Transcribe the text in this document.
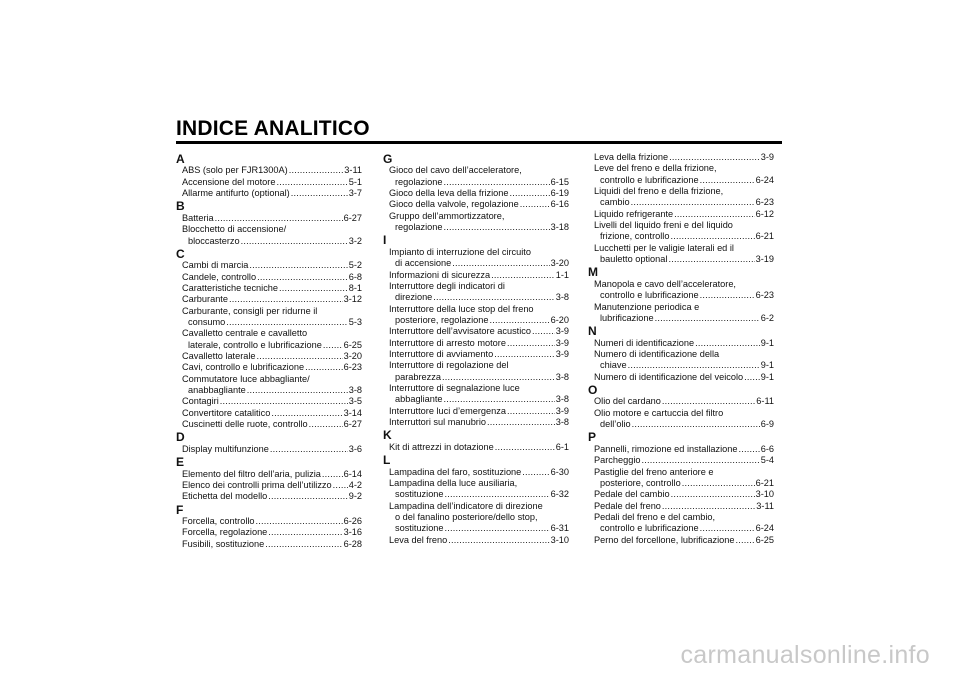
INDICE ANALITICO
A
ABS (solo per FJR1300A) .....	3-11
Accensione del motore .....	5-1
Allarme antifurto (optional) .....	3-7
B
Batteria .....	6-27
Blocchetto di accensione/
bloccasterzo .....	3-2
C
Cambi di marcia .....	5-2
Candele, controllo .....	6-8
Caratteristiche tecniche .....	8-1
Carburante .....	3-12
Carburante, consigli per ridurne il
consumo .....	5-3
Cavalletto centrale e cavalletto
laterale, controllo e lubrificazione ..... 6-25
Cavalletto laterale .....	3-20
Cavi, controllo e lubrificazione .....	6-23
Commutatore luce abbagliante/
anabbagliante .....	3-8
Contagiri .....	3-5
Convertitore catalitico .....	3-14
Cuscinetti delle ruote, controllo .....	6-27
D
Display multifunzione .....	3-6
E
Elemento del filtro dell’aria, pulizia ..... 6-14
Elenco dei controlli prima dell’utilizzo ..... 4-2
Etichetta del modello .....	9-2
F
Forcella, controllo .....	6-26
Forcella, regolazione .....	3-16
Fusibili, sostituzione .....	6-28
G
Gioco del cavo dell’acceleratore,
regolazione .....	6-15
Gioco della leva della frizione .....	6-19
Gioco della valvole, regolazione .....	6-16
Gruppo dell’ammortizzatore,
regolazione .....	3-18
I
Impianto di interruzione del circuito
di accensione .....	3-20
Informazioni di sicurezza .....	1-1
Interruttore degli indicatori di
direzione .....	3-8
Interruttore della luce stop del freno
posteriore, regolazione .....	6-20
Interruttore dell’avvisatore acustico .....	3-9
Interruttore di arresto motore .....	3-9
Interruttore di avviamento .....	3-9
Interruttore di regolazione del
parabrezza .....	3-8
Interruttore di segnalazione luce
abbagliante .....	3-8
Interruttore luci d’emergenza .....	3-9
Interruttori sul manubrio .....	3-8
K
Kit di attrezzi in dotazione .....	6-1
L
Lampadina del faro, sostituzione .....	6-30
Lampadina della luce ausiliaria,
sostituzione .....	6-32
Lampadina dell’indicatore di direzione
o del fanalino posteriore/dello stop,
sostituzione .....	6-31
Leva del freno .....	3-10
Leva della frizione .....	3-9
Leve del freno e della frizione,
controllo e lubrificazione .....	6-24
Liquidi del freno e della frizione,
cambio .....	6-23
Liquido refrigerante .....	6-12
Livelli del liquido freni e del liquido
frizione, controllo .....	6-21
Lucchetti per le valigie laterali ed il
bauletto optional .....	3-19
M
Manopola e cavo dell’acceleratore,
controllo e lubrificazione .....	6-23
Manutenzione periodica e
lubrificazione .....	6-2
N
Numeri di identificazione .....	9-1
Numero di identificazione della
chiave .....	9-1
Numero di identificazione del veicolo ..... 9-1
O
Olio del cardano .....	6-11
Olio motore e cartuccia del filtro
dell’olio .....	6-9
P
Pannelli, rimozione ed installazione .....	6-6
Parcheggio .....	5-4
Pastiglie del freno anteriore e
posteriore, controllo .....	6-21
Pedale del cambio .....	3-10
Pedale del freno .....	3-11
Pedali del freno e del cambio,
controllo e lubrificazione .....	6-24
Perno del forcellone, lubrificazione ..... 6-25
carmanualsonline.info
